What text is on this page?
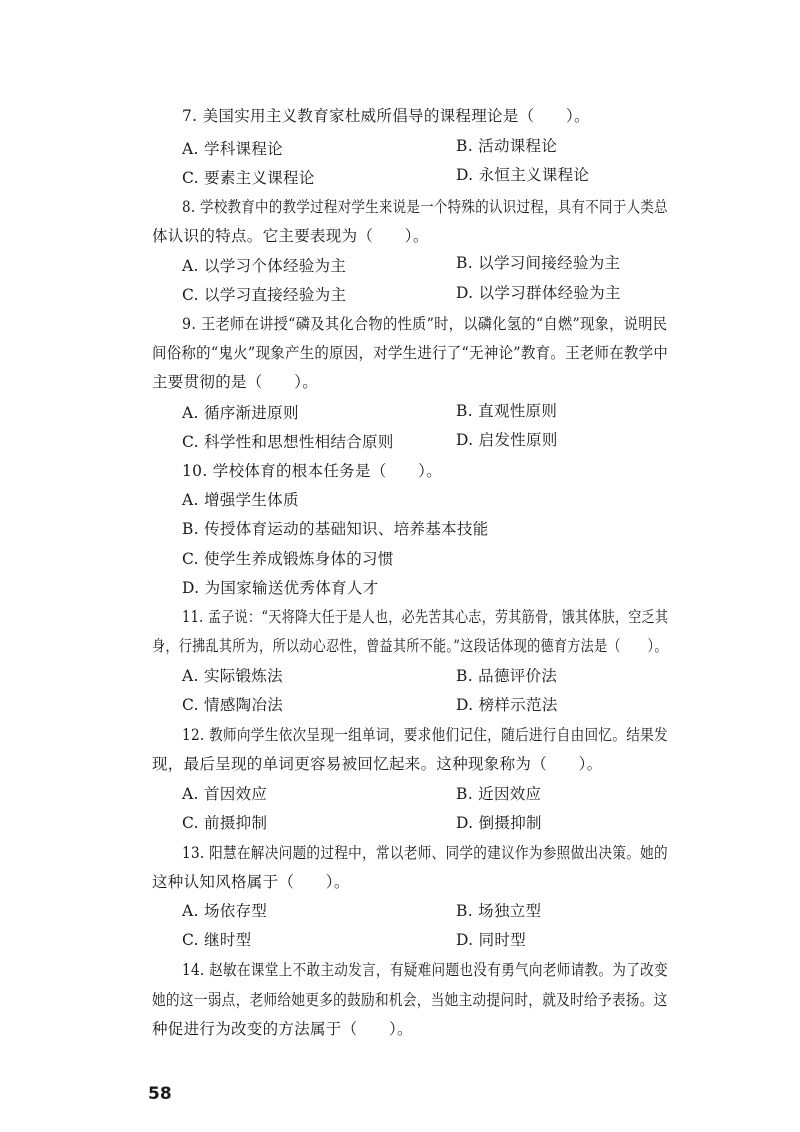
7. 美国实用主义教育家杜威所倡导的课程理论是（　　）。
A. 学科课程论	B. 活动课程论
C. 要素主义课程论	D. 永恒主义课程论
8. 学校教育中的教学过程对学生来说是一个特殊的认识过程，具有不同于人类总
体认识的特点。它主要表现为（　　）。
A. 以学习个体经验为主	B. 以学习间接经验为主
C. 以学习直接经验为主	D. 以学习群体经验为主
9. 王老师在讲授“磷及其化合物的性质”时，以磷化氢的“自燃”现象，说明民
间俗称的“鬼火”现象产生的原因，对学生进行了“无神论”教育。王老师在教学中
主要贯彻的是（　　）。
A. 循序渐进原则	B. 直观性原则
C. 科学性和思想性相结合原则	D. 启发性原则
10. 学校体育的根本任务是（　　）。
A. 增强学生体质
B. 传授体育运动的基础知识、培养基本技能
C. 使学生养成锻炼身体的习惯
D. 为国家输送优秀体育人才
11. 孟子说：“天将降大任于是人也，必先苦其心志，劳其筋骨，饿其体肤，空乏其
身，行拂乱其所为，所以动心忍性，曾益其所不能。”这段话体现的德育方法是（　　）。
A. 实际锻炼法	B. 品德评价法
C. 情感陶冶法	D. 榜样示范法
12. 教师向学生依次呈现一组单词，要求他们记住，随后进行自由回忆。结果发
现，最后呈现的单词更容易被回忆起来。这种现象称为（　　）。
A. 首因效应	B. 近因效应
C. 前摄抑制	D. 倒摄抑制
13. 阳慧在解决问题的过程中，常以老师、同学的建议作为参照做出决策。她的
这种认知风格属于（　　）。
A. 场依存型	B. 场独立型
C. 继时型	D. 同时型
14. 赵敏在课堂上不敢主动发言，有疑难问题也没有勇气向老师请教。为了改变
她的这一弱点，老师给她更多的鼓励和机会，当她主动提问时，就及时给予表扬。这
种促进行为改变的方法属于（　　）。
58
